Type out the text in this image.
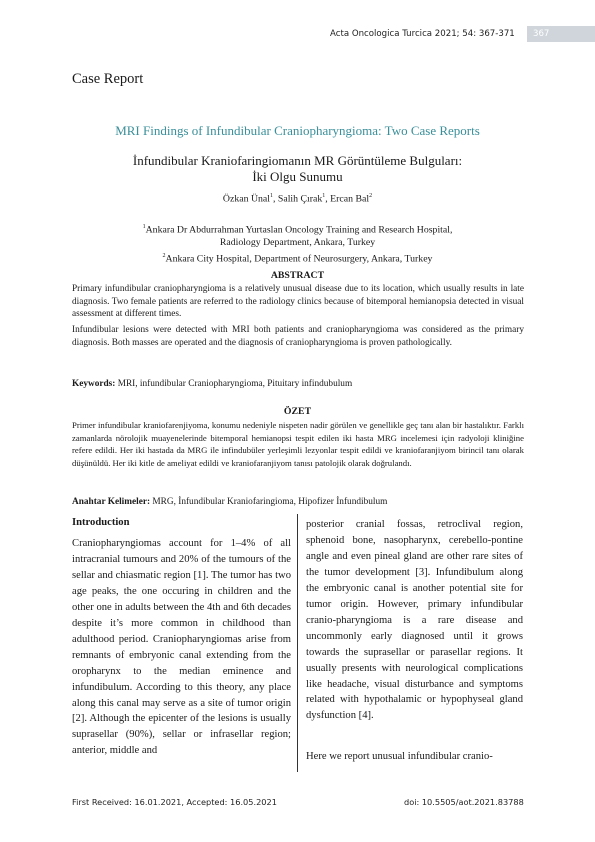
Acta Oncologica Turcica 2021; 54: 367-371	367
Case Report
MRI Findings of Infundibular Craniopharyngioma: Two Case Reports
İnfundibular Kraniofaringiomanın MR Görüntüleme Bulguları:
İki Olgu Sunumu
Özkan Ünal$^1$, Salih Çırak$^1$, Ercan Bal$^2$
$^1$Ankara Dr Abdurrahman Yurtaslan Oncology Training and Research Hospital,
Radiology Department, Ankara, Turkey
$^2$Ankara City Hospital, Department of Neurosurgery, Ankara, Turkey
ABSTRACT
Primary infundibular craniopharyngioma is a relatively unusual disease due to its location, which usually results in late diagnosis. Two female patients are referred to the radiology clinics because of bitemporal hemianopsia detected in visual assessment at different times.
Infundibular lesions were detected with MRI both patients and craniopharyngioma was considered as the primary diagnosis. Both masses are operated and the diagnosis of craniopharyngioma is proven pathologically.
Keywords: MRI, infundibular Craniopharyngioma, Pituitary infindubulum
ÖZET
Primer infundibular kraniofarenjiyoma, konumu nedeniyle nispeten nadir görülen ve genellikle geç tanı alan bir hastalıktır. Farklı zamanlarda nörolojik muayenelerinde bitemporal hemianopsi tespit edilen iki hasta MRG incelemesi için radyoloji kliniğine refere edildi. Her iki hastada da MRG ile infindubüler yerleşimli lezyonlar tespit edildi ve kraniofaranjiyom birincil tanı olarak düşünüldü. Her iki kitle de ameliyat edildi ve kraniofaranjiyom tanısı patolojik olarak doğrulandı.
Anahtar Kelimeler: MRG, İnfundibular Kraniofaringioma, Hipofizer İnfundibulum
Introduction
Craniopharyngiomas account for 1–4% of all intracranial tumours and 20% of the tumours of the sellar and chiasmatic region [1]. The tumor has two age peaks, the one occuring in children and the other one in adults between the 4th and 6th decades despite it’s more common in childhood than adulthood period. Craniopharyngiomas arise from remnants of embryonic canal extending from the oropharynx to the median eminence and infundibulum. According to this theory, any place along this canal may serve as a site of tumor origin [2]. Although the epicenter of the lesions is usually suprasellar (90%), sellar or infrasellar region; anterior, middle and
posterior cranial fossas, retroclival region, sphenoid bone, nasopharynx, cerebello-pontine angle and even pineal gland are other rare sites of the tumor development [3]. Infundibulum along the embryonic canal is another potential site for tumor origin. However, primary infundibular cranio-pharyngioma is a rare disease and uncommonly early diagnosed until it grows towards the suprasellar or parasellar regions. It usually presents with neurological complications like headache, visual disturbance and symptoms related with hypothalamic or hypophyseal gland dysfunction [4].
Here we report unusual infundibular cranio-
First Received: 16.01.2021, Accepted: 16.05.2021	doi: 10.5505/aot.2021.83788
